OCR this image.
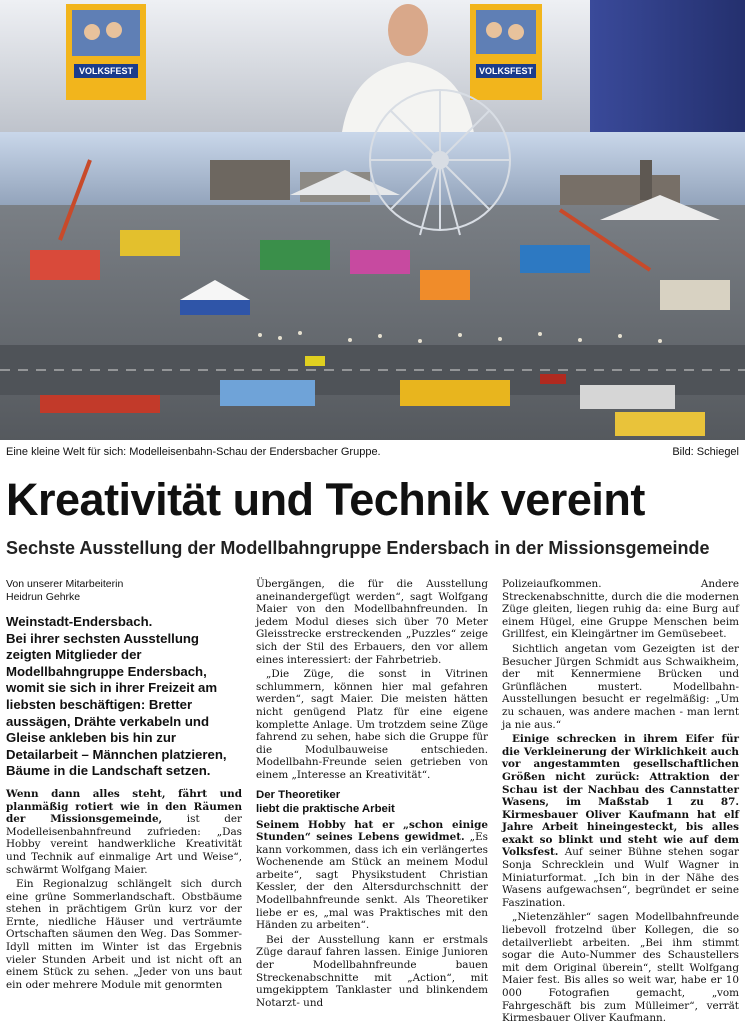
VOLKSFEST	VOLKSFEST
Eine kleine Welt für sich: Modelleisenbahn-Schau der Endersbacher Gruppe.	Bild: Schiegel
Kreativität und Technik vereint
Sechste Ausstellung der Modellbahngruppe Endersbach in der Missionsgemeinde
Von unserer Mitarbeiterin
Heidrun Gehrke
Weinstadt-Endersbach.
Bei ihrer sechsten Ausstellung zeigten Mitglieder der Modellbahngruppe Endersbach, womit sie sich in ihrer Freizeit am liebsten beschäftigen: Bretter aussägen, Drähte verkabeln und Gleise ankleben bis hin zur Detailarbeit – Männchen platzieren, Bäume in die Landschaft setzen.

Wenn dann alles steht, fährt und planmäßig rotiert wie in den Räumen der Missionsgemeinde, ist der Modelleisenbahnfreund zufrieden: „Das Hobby vereint handwerkliche Kreativität und Technik auf einmalige Art und Weise“, schwärmt Wolfgang Maier.

Ein Regionalzug schlängelt sich durch eine grüne Sommerlandschaft. Obstbäume stehen in prächtigem Grün kurz vor der Ernte, niedliche Häuser und verträumte Ortschaften säumen den Weg. Das Sommer-Idyll mitten im Winter ist das Ergebnis vieler Stunden Arbeit und ist nicht oft an einem Stück zu sehen. „Jeder von uns baut ein oder mehrere Module mit genormten

Übergängen, die für die Ausstellung aneinandergefügt werden“, sagt Wolfgang Maier von den Modellbahnfreunden. In jedem Modul dieses sich über 70 Meter Gleisstrecke erstreckenden „Puzzles“ zeige sich der Stil des Erbauers, den vor allem eines interessiert: der Fahrbetrieb.

„Die Züge, die sonst in Vitrinen schlummern, können hier mal gefahren werden“, sagt Maier. Die meisten hätten nicht genügend Platz für eine eigene komplette Anlage. Um trotzdem seine Züge fahrend zu sehen, habe sich die Gruppe für die Modulbauweise entschieden. Modellbahn-Freunde seien getrieben von einem „Interesse an Kreativität“.

Der Theoretiker
liebt die praktische Arbeit

Seinem Hobby hat er „schon einige Stunden“ seines Lebens gewidmet. „Es kann vorkommen, dass ich ein verlängertes Wochenende am Stück an meinem Modul arbeite“, sagt Physikstudent Christian Kessler, der den Altersdurchschnitt der Modellbahnfreunde senkt. Als Theoretiker liebe er es, „mal was Praktisches mit den Händen zu arbeiten“.

Bei der Ausstellung kann er erstmals Züge darauf fahren lassen. Einige Junioren der Modellbahnfreunde bauen Streckenabschnitte mit „Action“, mit umgekipptem Tanklaster und blinkendem Notarzt- und

Polizeiaufkommen. Andere Streckenabschnitte, durch die die modernen Züge gleiten, liegen ruhig da: eine Burg auf einem Hügel, eine Gruppe Menschen beim Grillfest, ein Kleingärtner im Gemüsebeet.

Sichtlich angetan vom Gezeigten ist der Besucher Jürgen Schmidt aus Schwaikheim, der mit Kennermiene Brücken und Grünflächen mustert. Modellbahn-Ausstellungen besucht er regelmäßig: „Um zu schauen, was andere machen - man lernt ja nie aus.“

Einige schrecken in ihrem Eifer für die Verkleinerung der Wirklichkeit auch vor angestammten gesellschaftlichen Größen nicht zurück: Attraktion der Schau ist der Nachbau des Cannstatter Wasens, im Maßstab 1 zu 87. Kirmesbauer Oliver Kaufmann hat elf Jahre Arbeit hineingesteckt, bis alles exakt so blinkt und steht wie auf dem Volksfest. Auf seiner Bühne stehen sogar Sonja Schrecklein und Wulf Wagner in Miniaturformat. „Ich bin in der Nähe des Wasens aufgewachsen“, begründet er seine Faszination.

„Nietenzähler“ sagen Modellbahnfreunde liebevoll frotzelnd über Kollegen, die so detailverliebt arbeiten. „Bei ihm stimmt sogar die Auto-Nummer des Schaustellers mit dem Original überein“, stellt Wolfgang Maier fest. Bis alles so weit war, habe er 10 000 Fotografien gemacht, „vom Fahrgeschäft bis zum Mülleimer“, verrät Kirmesbauer Oliver Kaufmann.
